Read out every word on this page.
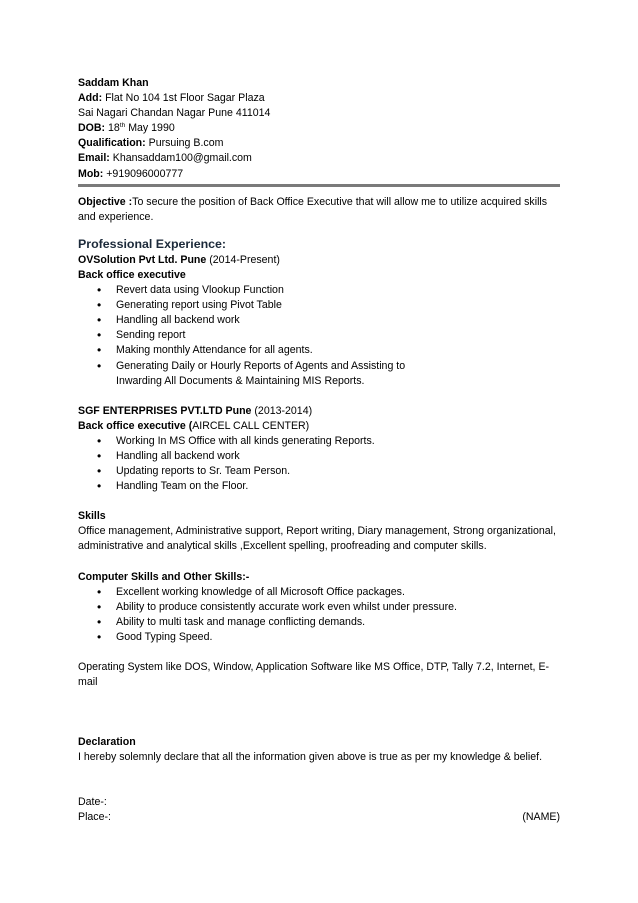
Saddam Khan
Add: Flat No 104 1st Floor Sagar Plaza
Sai Nagari Chandan Nagar Pune 411014
DOB: 18th May 1990
Qualification: Pursuing B.com
Email: Khansaddam100@gmail.com
Mob: +919096000777
Objective :To secure the position of Back Office Executive that will allow me to utilize acquired skills and experience.
Professional Experience:
OVSolution Pvt Ltd. Pune (2014-Present)
Back office executive
• Revert data using Vlookup Function
• Generating report using Pivot Table
• Handling all backend work
• Sending report
• Making monthly Attendance for all agents.
• Generating Daily or Hourly Reports of Agents and Assisting to Inwarding All Documents & Maintaining MIS Reports.
SGF ENTERPRISES PVT.LTD Pune (2013-2014)
Back office executive (AIRCEL CALL CENTER)
• Working In MS Office with all kinds generating Reports.
• Handling all backend work
• Updating reports to Sr. Team Person.
• Handling Team on the Floor.
Skills
Office management, Administrative support, Report writing, Diary management, Strong organizational, administrative and analytical skills ,Excellent spelling, proofreading and computer skills.
Computer Skills and Other Skills:-
• Excellent working knowledge of all Microsoft Office packages.
• Ability to produce consistently accurate work even whilst under pressure.
• Ability to multi task and manage conflicting demands.
• Good Typing Speed.
Operating System like DOS, Window, Application Software like MS Office, DTP, Tally 7.2, Internet, E-mail
Declaration
I hereby solemnly declare that all the information given above is true as per my knowledge & belief.
Date-:
Place-:	(NAME)
